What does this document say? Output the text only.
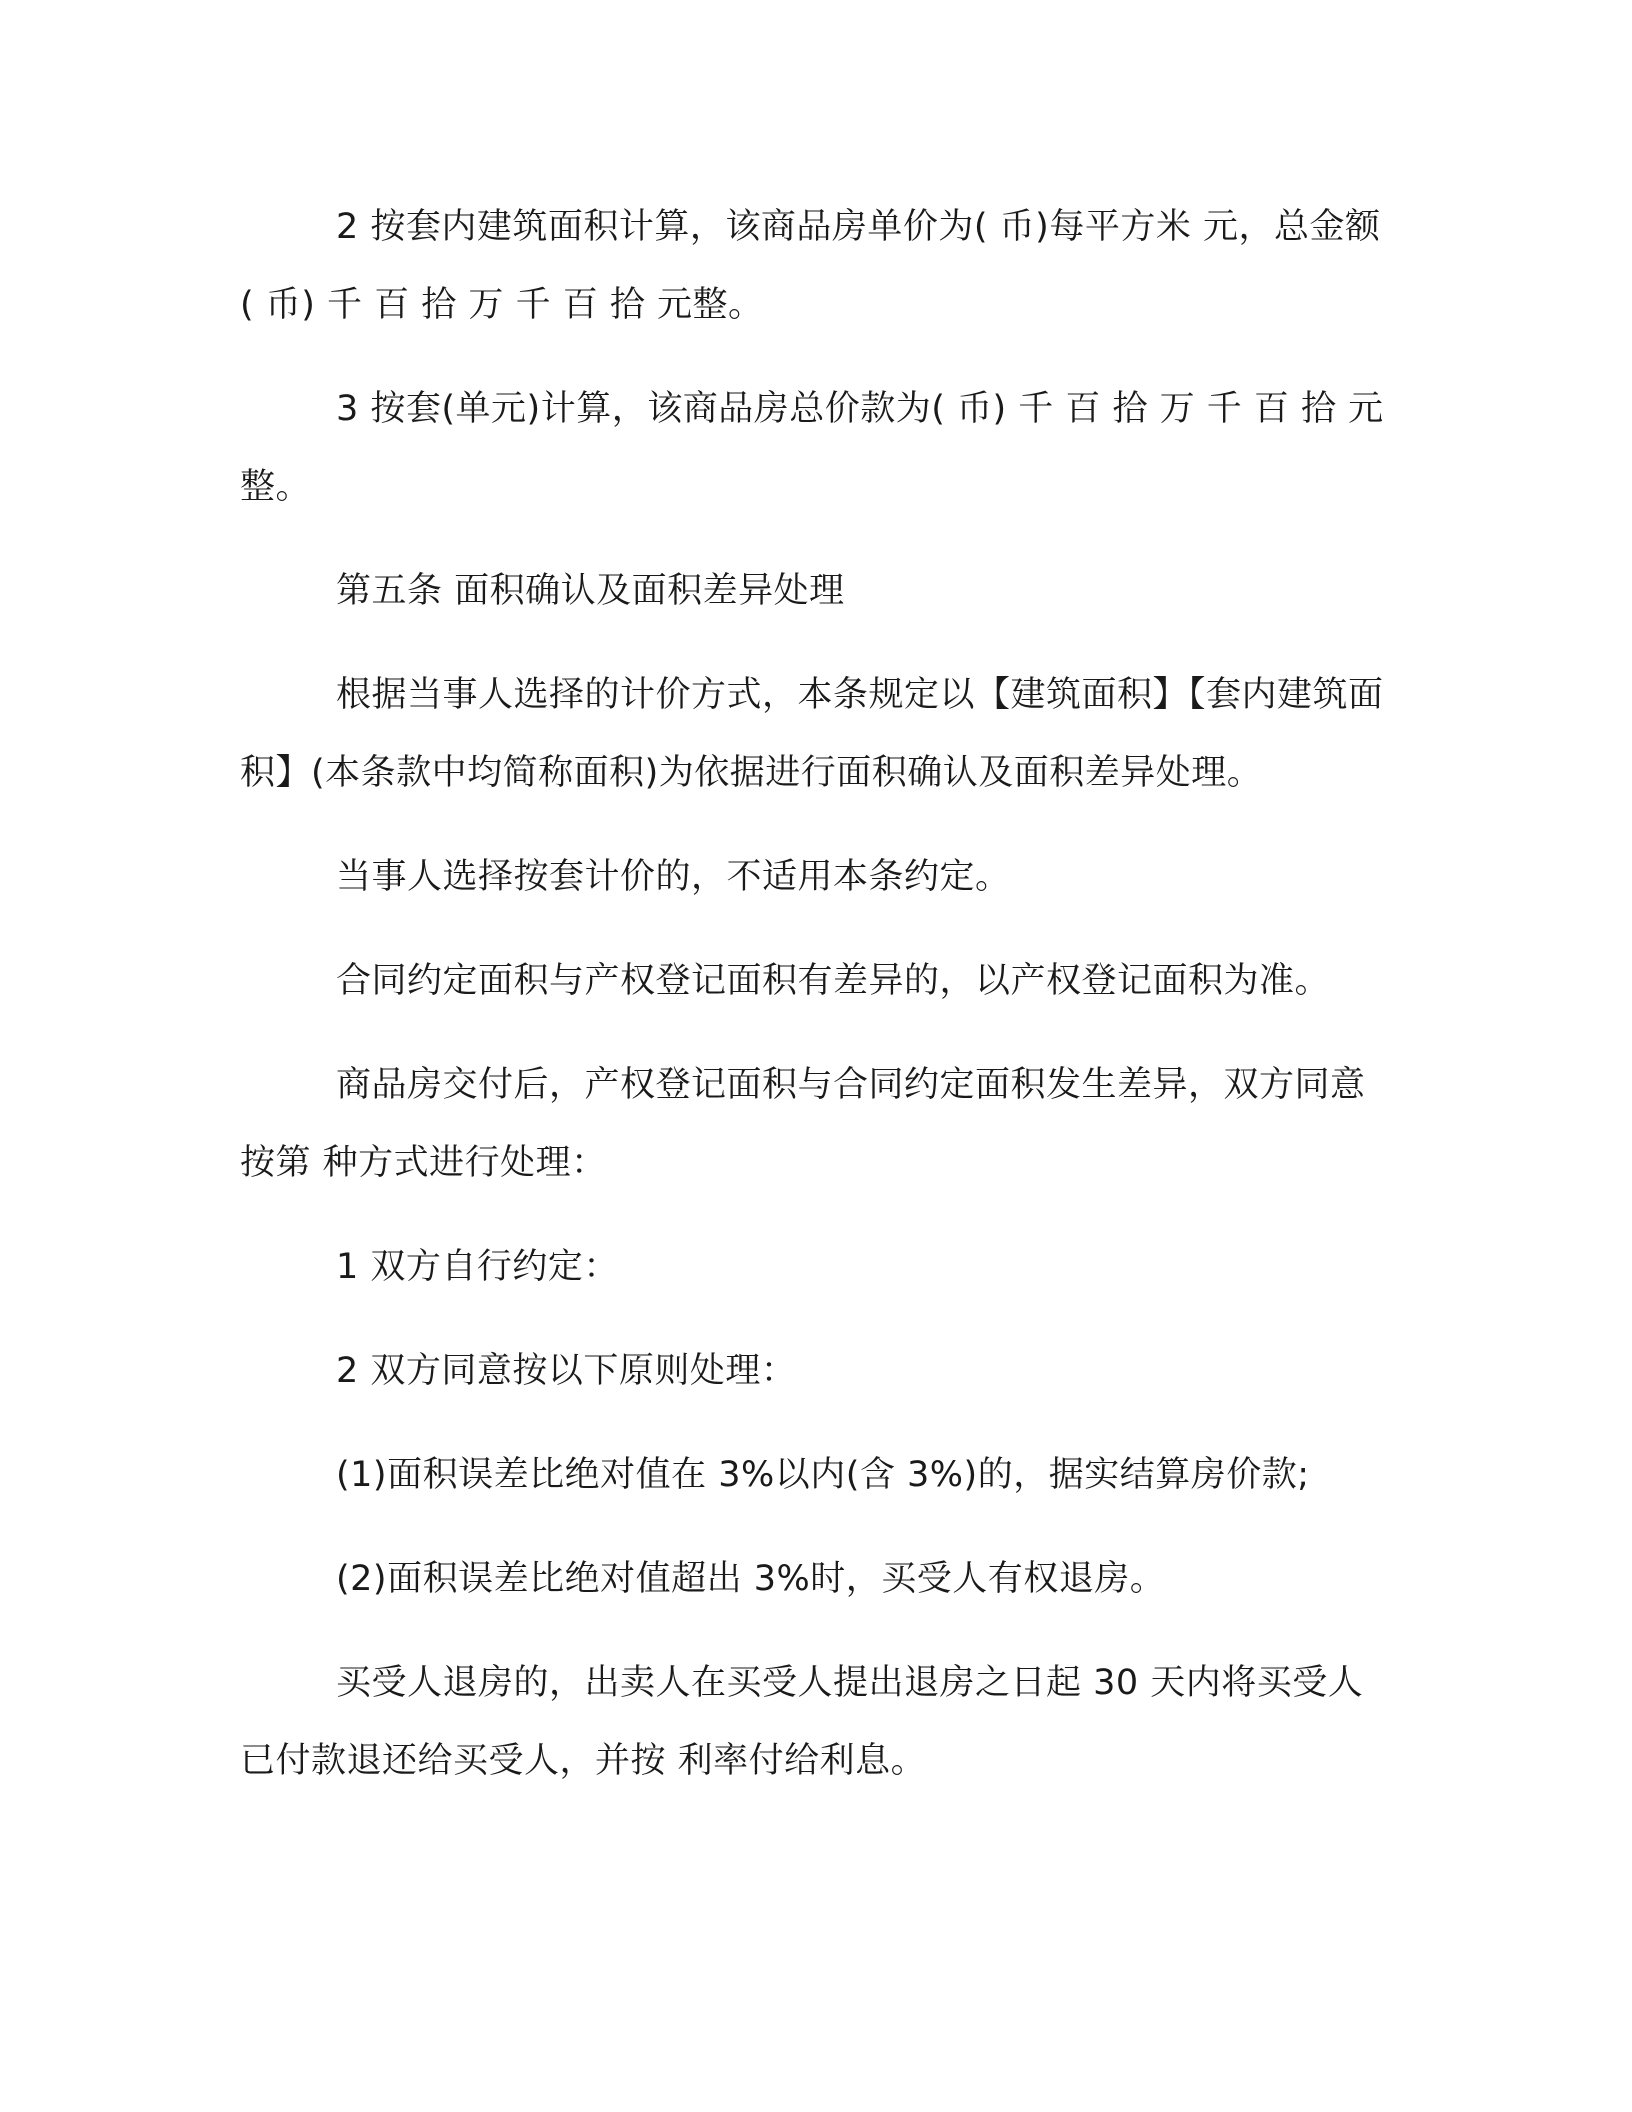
2 按套内建筑面积计算，该商品房单价为( 币)每平方米 元，总金额( 币) 千 百 拾 万 千 百 拾 元整。

3 按套(单元)计算，该商品房总价款为( 币) 千 百 拾 万 千 百 拾 元整。

第五条 面积确认及面积差异处理

根据当事人选择的计价方式，本条规定以【建筑面积】【套内建筑面积】(本条款中均简称面积)为依据进行面积确认及面积差异处理。

当事人选择按套计价的，不适用本条约定。

合同约定面积与产权登记面积有差异的，以产权登记面积为准。

商品房交付后，产权登记面积与合同约定面积发生差异，双方同意按第 种方式进行处理：

1 双方自行约定：

2 双方同意按以下原则处理：

(1)面积误差比绝对值在 3%以内(含 3%)的，据实结算房价款;

(2)面积误差比绝对值超出 3%时，买受人有权退房。

买受人退房的，出卖人在买受人提出退房之日起 30 天内将买受人已付款退还给买受人，并按 利率付给利息。
